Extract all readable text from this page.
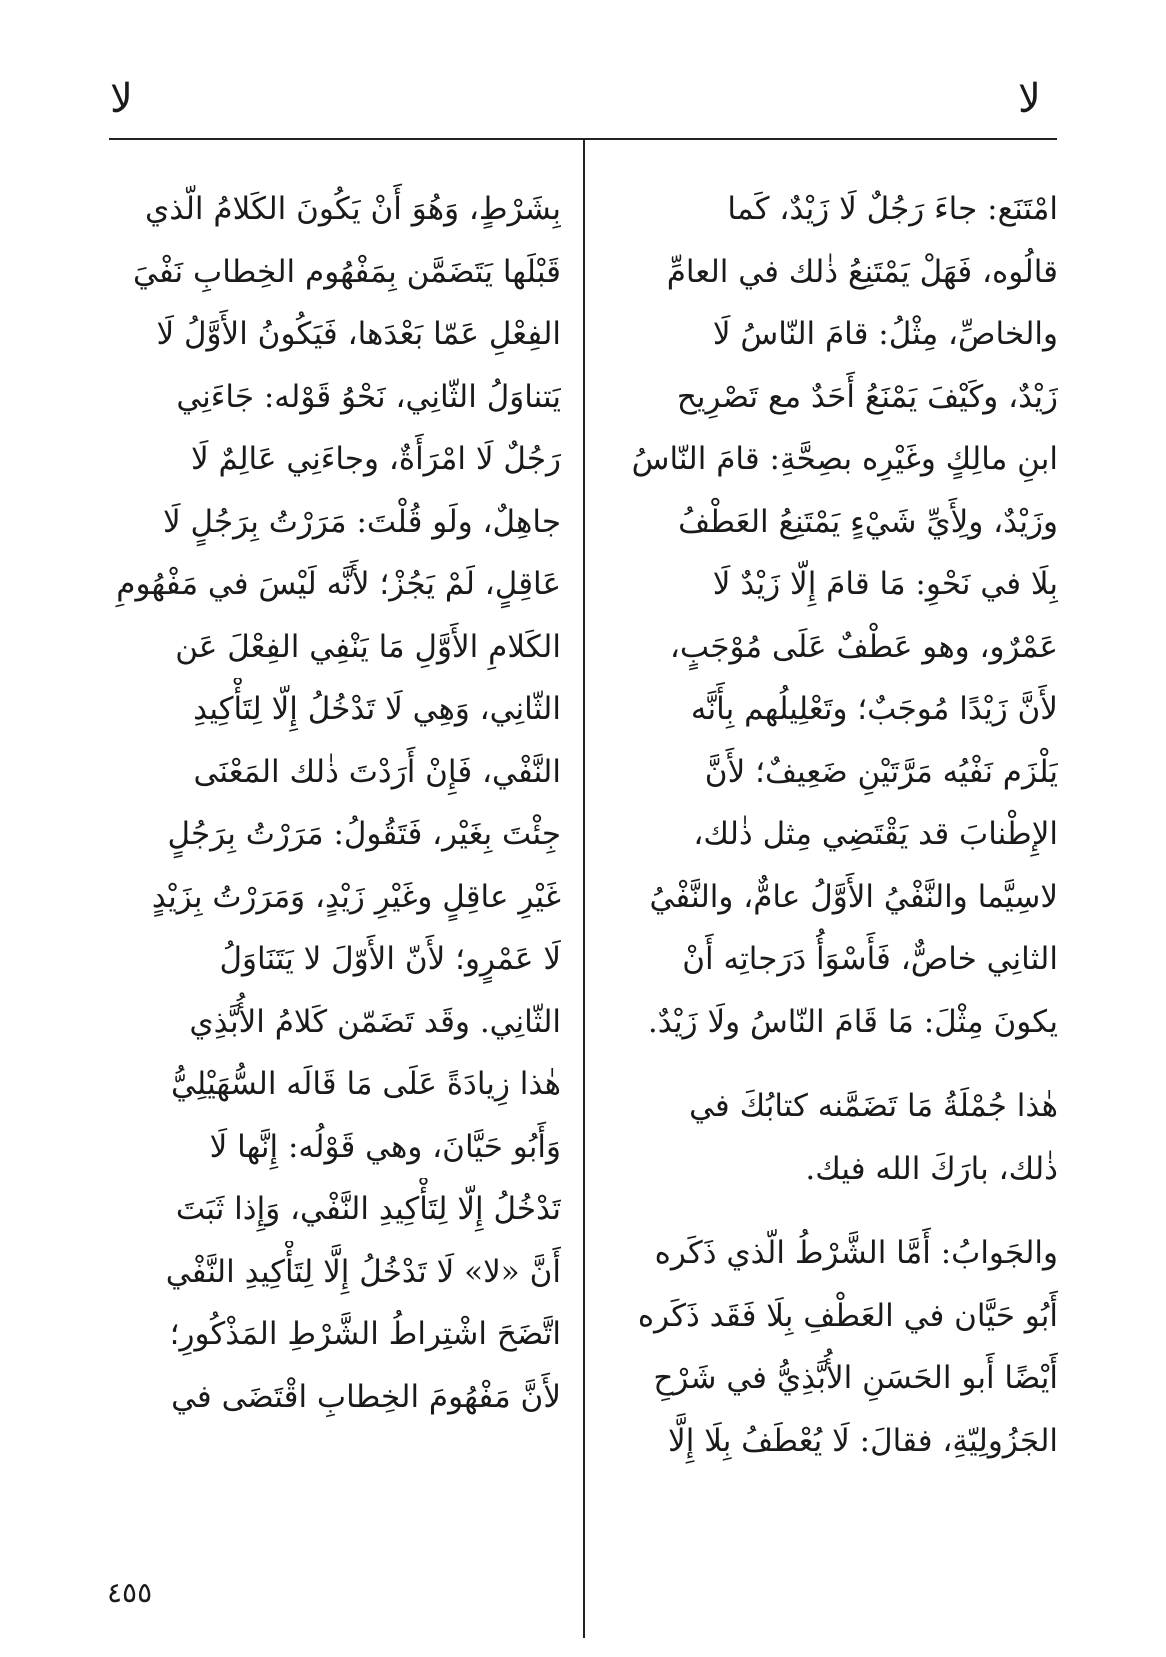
لا
لا
امْتَنَع: جاءَ رَجُلٌ لَا زَيْدٌ، كَما
قالُوه، فَهَلْ يَمْتَنِعُ ذٰلك في العامِّ
والخاصِّ، مِثْلُ: قامَ النّاسُ لَا
زَيْدٌ، وكَيْفَ يَمْنَعُ أَحَدٌ مع تَصْرِيح
ابنِ مالِكٍ وغَيْرِه بصِحَّةِ: قامَ النّاسُ
وزَيْدٌ، ولِأَيِّ شَيْءٍ يَمْتَنِعُ العَطْفُ
بِلَا في نَحْوِ: مَا قامَ إِلّا زَيْدٌ لَا
عَمْرٌو، وهو عَطْفٌ عَلَى مُوْجَبٍ،
لأَنَّ زَيْدًا مُوجَبٌ؛ وتَعْلِيلُهم بِأَنَّه
يَلْزَم نَفْيُه مَرَّتَيْنِ ضَعِيفٌ؛ لأَنَّ
الإِطْنابَ قد يَقْتَضِي مِثل ذٰلك،
لاسِيَّما والنَّفْيُ الأَوَّلُ عامٌّ، والنَّفْيُ
الثانِي خاصٌّ، فَأَسْوَأُ دَرَجاتِه أَنْ
يكونَ مِثْلَ: مَا قَامَ النّاسُ ولَا زَيْدٌ.
هٰذا جُمْلَةُ مَا تَضَمَّنه كتابُكَ في
ذٰلك، بارَكَ الله فيك.
والجَوابُ: أَمَّا الشَّرْطُ الّذي ذَكَره
أَبُو حَيَّان في العَطْفِ بِلَا فَقَد ذَكَره
أَيْضًا أَبو الحَسَنِ الأُبَّذِيُّ في شَرْحِ
الجَزُولِيّةِ، فقالَ: لَا يُعْطَفُ بِلَا إِلَّا
بِشَرْطٍ، وَهُوَ أَنْ يَكُونَ الكَلامُ الّذي
قَبْلَها يَتَضَمَّن بِمَفْهُوم الخِطابِ نَفْيَ
الفِعْلِ عَمّا بَعْدَها، فَيَكُونُ الأَوَّلُ لَا
يَتناوَلُ الثّانِي، نَحْوُ قَوْله: جَاءَنِي
رَجُلٌ لَا امْرَأَةٌ، وجاءَنِي عَالِمٌ لَا
جاهِلٌ، ولَو قُلْتَ: مَرَرْتُ بِرَجُلٍ لَا
عَاقِلٍ، لَمْ يَجُزْ؛ لأَنَّه لَيْسَ في مَفْهُومِ
الكَلامِ الأَوَّلِ مَا يَنْفِي الفِعْلَ عَن
الثّانِي، وَهِي لَا تَدْخُلُ إِلّا لِتَأْكِيدِ
النَّفْي، فَإِنْ أَرَدْتَ ذٰلك المَعْنَى
جِئْتَ بِغَيْر، فَتَقُولُ: مَرَرْتُ بِرَجُلٍ
غَيْرِ عاقِلٍ وغَيْرِ زَيْدٍ، وَمَرَرْتُ بِزَيْدٍ
لَا عَمْرٍو؛ لأَنّ الأَوّلَ لا يَتَنَاوَلُ
الثّانِي. وقَد تَضَمّن كَلامُ الأُبَّذِي
هٰذا زِيادَةً عَلَى مَا قَالَه السُّهَيْلِيُّ
وَأَبُو حَيَّانَ، وهي قَوْلُه: إِنَّها لَا
تَدْخُلُ إِلّا لِتَأْكِيدِ النَّفْي، وَإِذا ثَبَتَ
أَنَّ «لا» لَا تَدْخُلُ إِلَّا لِتَأْكِيدِ النَّفْي
اتَّضَحَ اشْتِراطُ الشَّرْطِ المَذْكُورِ؛
لأَنَّ مَفْهُومَ الخِطابِ اقْتَضَى في
٤٥٥
